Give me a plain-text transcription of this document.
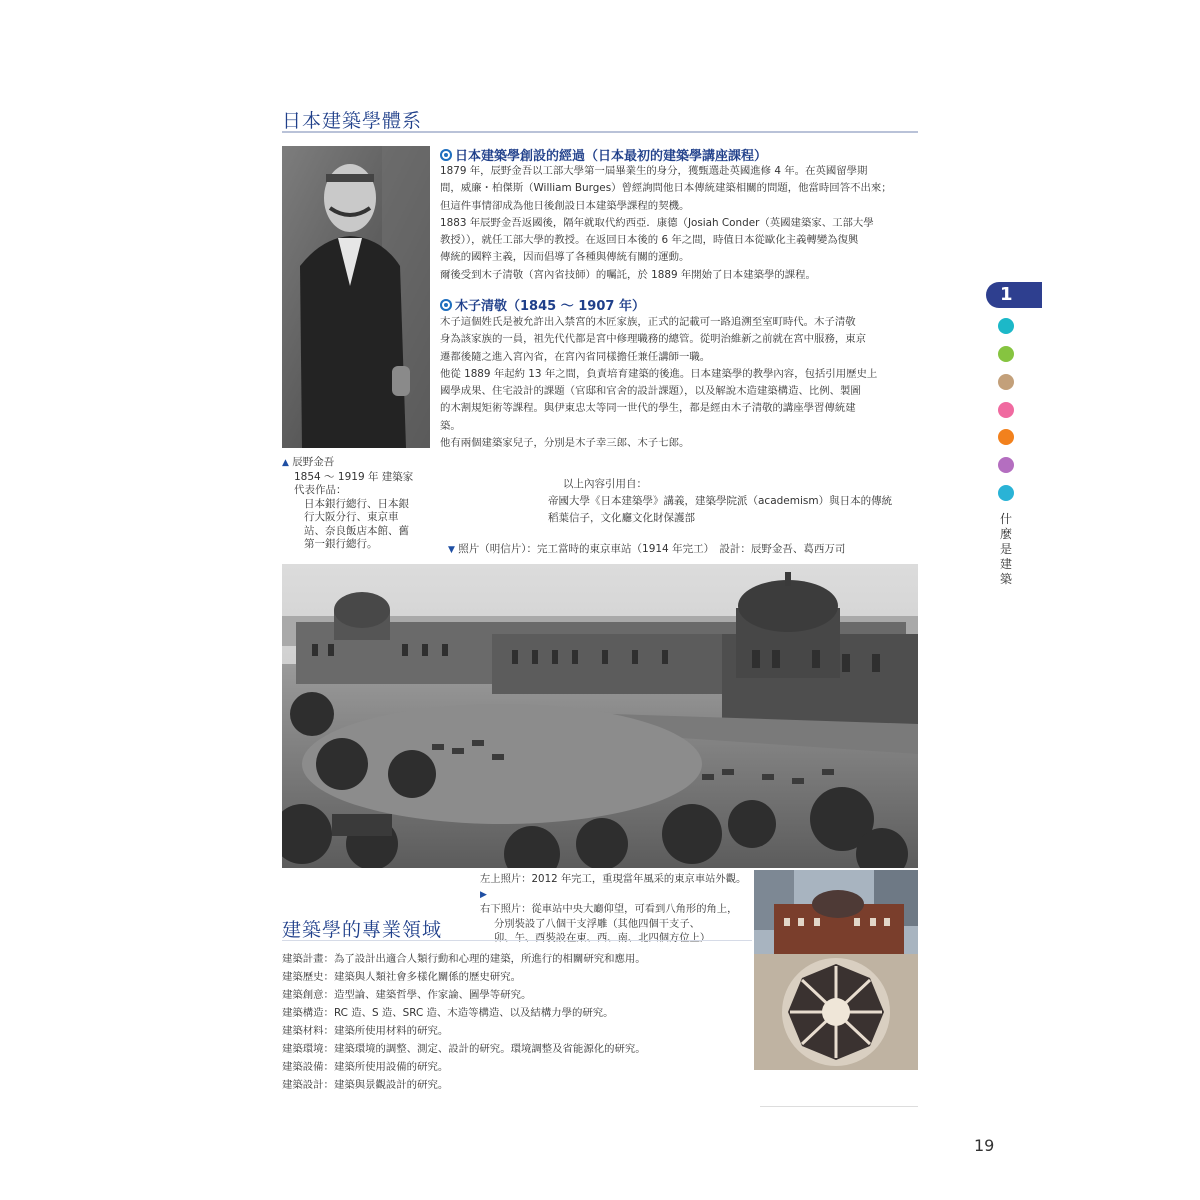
日本建築學體系
▲ 辰野金吾
1854 ～ 1919 年 建築家
代表作品：
日本銀行總行、日本銀
行大阪分行、東京車
站、奈良飯店本館、舊
第一銀行總行。
日本建築學創設的經過（日本最初的建築學講座課程）

1879 年，辰野金吾以工部大學第一屆畢業生的身分，獲甄選赴英國進修 4 年。在英國留學期

間，威廉・柏傑斯（William Burges）曾經詢問他日本傳統建築相關的問題，他當時回答不出來；

但這件事情卻成為他日後創設日本建築學課程的契機。

1883 年辰野金吾返國後，隔年就取代約西亞．康德（Josiah Conder（英國建築家、工部大學

教授）），就任工部大學的教授。在返回日本後的 6 年之間，時值日本從歐化主義轉變為復興

傳統的國粹主義，因而倡導了各種與傳統有關的運動。

爾後受到木子清敬（宮內省技師）的囑託，於 1889 年開始了日本建築學的課程。

木子清敬（1845 ～ 1907 年）

木子這個姓氏是被允許出入禁宮的木匠家族，正式的記載可一路追溯至室町時代。木子清敬

身為該家族的一員，祖先代代都是宮中修理職務的總管。從明治維新之前就在宮中服務，東京

遷都後隨之進入宮內省，在宮內省同樣擔任兼任講師一職。

他從 1889 年起約 13 年之間，負責培育建築的後進。日本建築學的教學內容，包括引用歷史上

國學成果、住宅設計的課題（官邸和官舍的設計課題），以及解說木造建築構造、比例、製圖

的木割規矩術等課程。與伊東忠太等同一世代的學生，都是經由木子清敬的講座學習傳統建

築。

他有兩個建築家兒子，分別是木子幸三郎、木子七郎。

以上內容引用自：
帝國大學《日本建築學》講義，建築學院派（academism）與日本的傳統
稻葉信子，文化廳文化財保護部
▼ 照片（明信片）：完工當時的東京車站（1914 年完工）　設計：辰野金吾、葛西万司
左上照片：2012 年完工，重現當年風采的東京車站外觀。 ▶
右下照片：從車站中央大廳仰望，可看到八角形的角上，
分別裝設了八個干支浮雕（其他四個干支子、
卯、午、酉裝設在東、西、南、北四個方位上）
建築學的專業領域
建築計畫：為了設計出適合人類行動和心理的建築，所進行的相關研究和應用。
建築歷史：建築與人類社會多樣化關係的歷史研究。
建築創意：造型論、建築哲學、作家論、圖學等研究。
建築構造：RC 造、S 造、SRC 造、木造等構造、以及結構力學的研究。
建築材料：建築所使用材料的研究。
建築環境：建築環境的調整、測定、設計的研究。環境調整及省能源化的研究。
建築設備：建築所使用設備的研究。
建築設計：建築與景觀設計的研究。
1
什
麼
是
建
築
19
